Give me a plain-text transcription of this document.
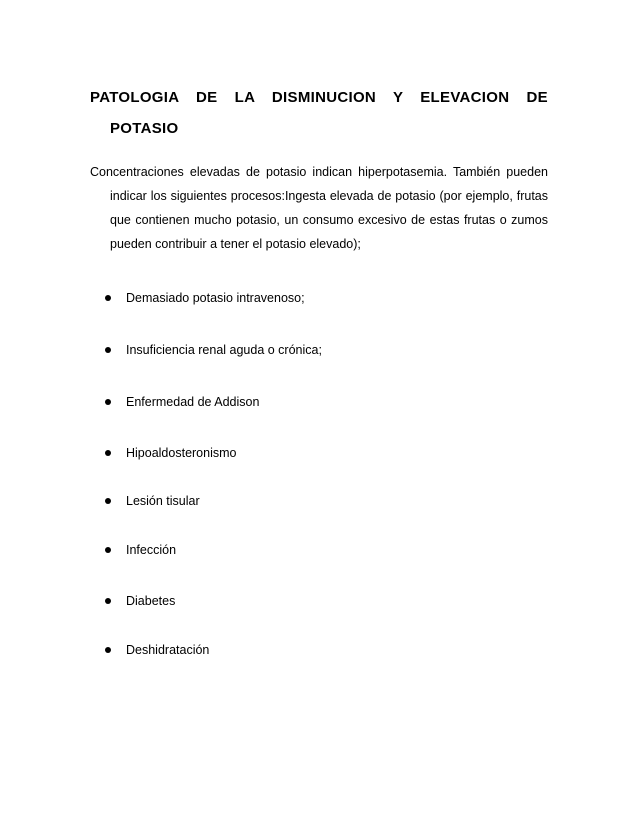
PATOLOGIA DE LA DISMINUCION Y ELEVACION DE
POTASIO

Concentraciones elevadas de potasio indican hiperpotasemia. También pueden
indicar los siguientes procesos:Ingesta elevada de potasio (por ejemplo, frutas
que contienen mucho potasio, un consumo excesivo de estas frutas o zumos
pueden contribuir a tener el potasio elevado);

Demasiado potasio intravenoso;
Insuficiencia renal aguda o crónica;
Enfermedad de Addison
Hipoaldosteronismo
Lesión tisular
Infección
Diabetes
Deshidratación
